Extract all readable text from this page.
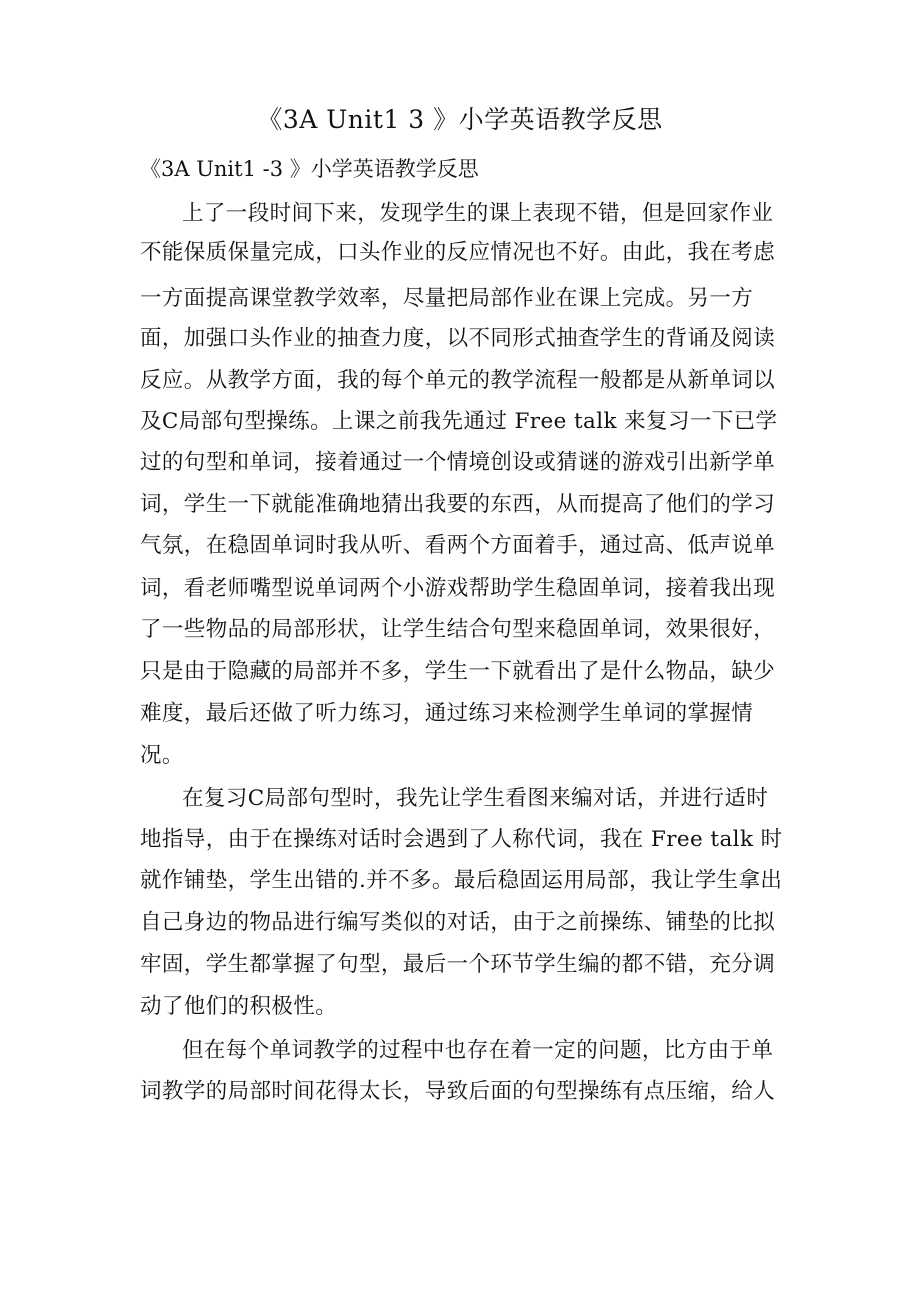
《3A Unit1 3 》小学英语教学反思
《3A Unit1 -3 》小学英语教学反思
上了一段时间下来，发现学生的课上表现不错，但是回家作业
不能保质保量完成，口头作业的反应情况也不好。由此，我在考虑
一方面提高课堂教学效率，尽量把局部作业在课上完成。另一方
面，加强口头作业的抽查力度，以不同形式抽查学生的背诵及阅读
反应。从教学方面，我的每个单元的教学流程一般都是从新单词以
及C局部句型操练。上课之前我先通过 Free talk 来复习一下已学
过的句型和单词，接着通过一个情境创设或猜谜的游戏引出新学单
词，学生一下就能准确地猜出我要的东西，从而提高了他们的学习
气氛，在稳固单词时我从听、看两个方面着手，通过高、低声说单
词，看老师嘴型说单词两个小游戏帮助学生稳固单词，接着我出现
了一些物品的局部形状，让学生结合句型来稳固单词，效果很好，
只是由于隐藏的局部并不多，学生一下就看出了是什么物品，缺少
难度，最后还做了听力练习，通过练习来检测学生单词的掌握情
况。
在复习C局部句型时，我先让学生看图来编对话，并进行适时
地指导，由于在操练对话时会遇到了人称代词，我在 Free talk 时
就作铺垫，学生出错的.并不多。最后稳固运用局部，我让学生拿出
自己身边的物品进行编写类似的对话，由于之前操练、铺垫的比拟
牢固，学生都掌握了句型，最后一个环节学生编的都不错，充分调
动了他们的积极性。
但在每个单词教学的过程中也存在着一定的问题，比方由于单
词教学的局部时间花得太长，导致后面的句型操练有点压缩，给人
